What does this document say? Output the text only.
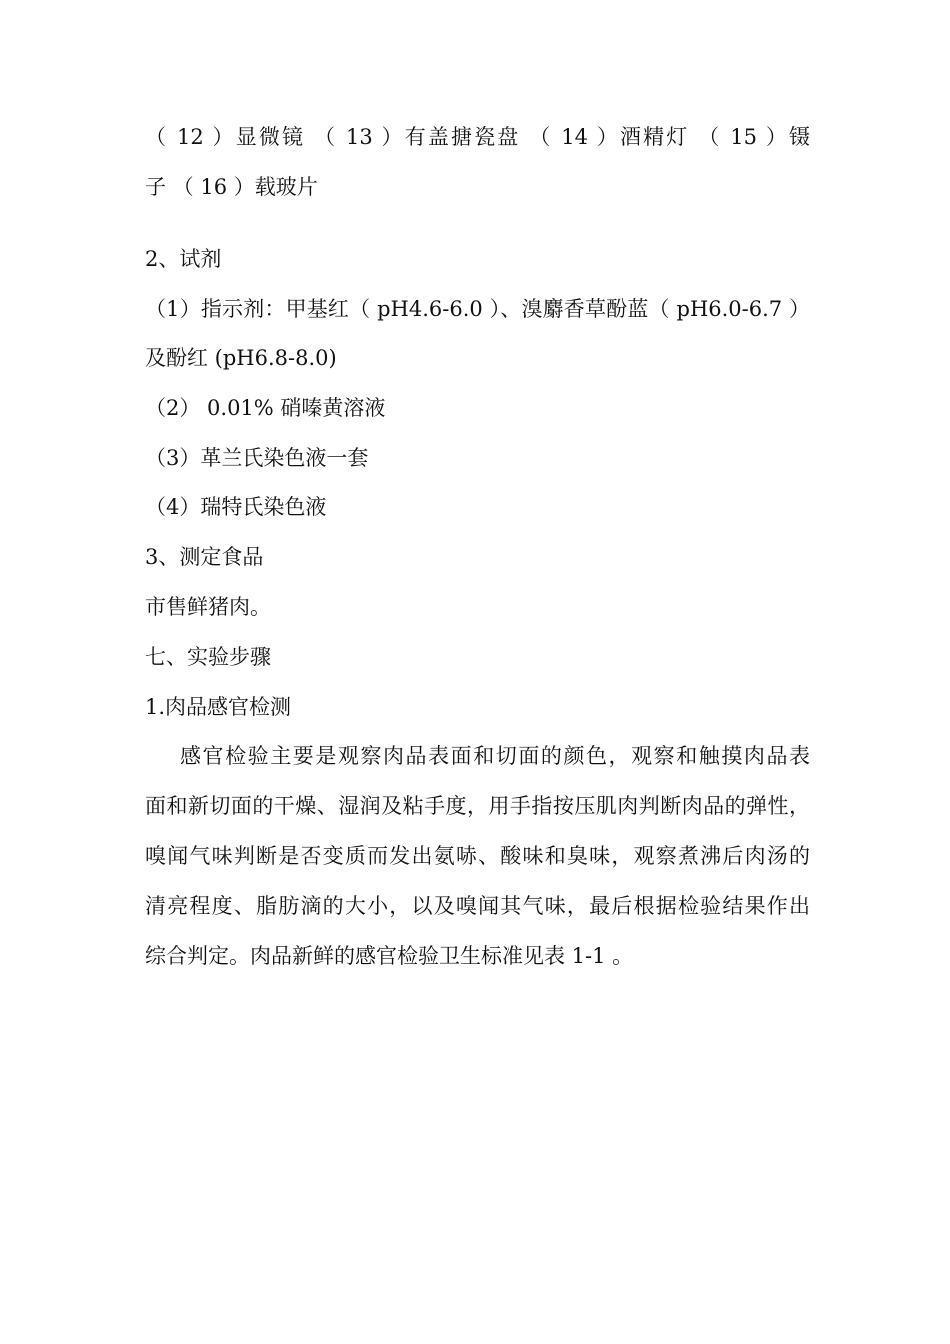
（ 12 ）显微镜 （ 13 ）有盖搪瓷盘 （ 14 ）酒精灯 （ 15 ）镊
子 （ 16 ）载玻片
2、试剂
（1）指示剂：甲基红（ pH4.6-6.0 ）、溴麝香草酚蓝（ pH6.0-6.7 ）
及酚红 (pH6.8-8.0)
（2） 0.01% 硝嗪黄溶液
（3）革兰氏染色液一套
（4）瑞特氏染色液
3、测定食品
市售鲜猪肉。
七、实验步骤
1.肉品感官检测
感官检验主要是观察肉品表面和切面的颜色，观察和触摸肉品表
面和新切面的干燥、湿润及粘手度，用手指按压肌肉判断肉品的弹性，
嗅闻气味判断是否变质而发出氨哧、酸味和臭味，观察煮沸后肉汤的
清亮程度、脂肪滴的大小，以及嗅闻其气味，最后根据检验结果作出
综合判定。肉品新鲜的感官检验卫生标准见表 1-1 。
